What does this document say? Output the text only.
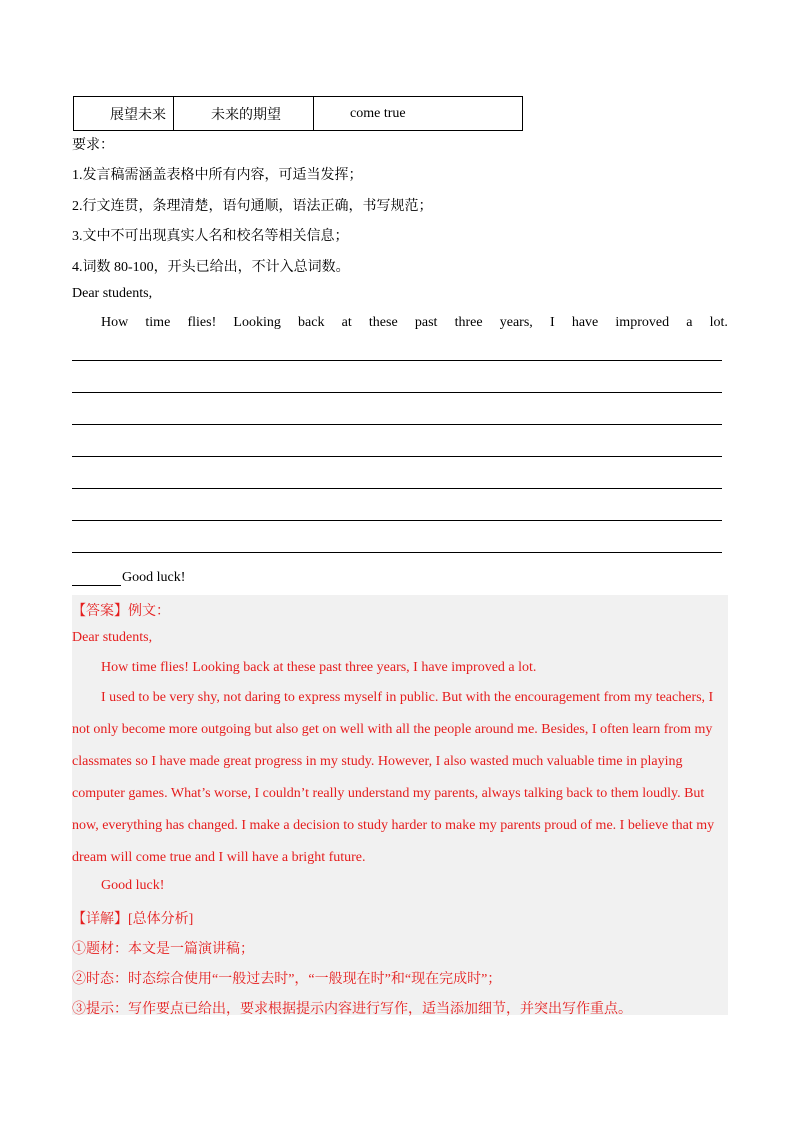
展望未来	未来的期望	come true
要求：
1.发言稿需涵盖表格中所有内容，可适当发挥；
2.行文连贯，条理清楚，语句通顺，语法正确，书写规范；
3.文中不可出现真实人名和校名等相关信息；
4.词数 80-100，开头已给出，不计入总词数。
Dear students,
How time flies! Looking back at these past three years, I have improved a lot.
Good luck!
【答案】例文：
Dear students,
How time flies! Looking back at these past three years, I have improved a lot.
I used to be very shy, not daring to express myself in public. But with the encouragement from my teachers, I not only become more outgoing but also get on well with all the people around me. Besides, I often learn from my classmates so I have made great progress in my study. However, I also wasted much valuable time in playing computer games. What’s worse, I couldn’t really understand my parents, always talking back to them loudly. But now, everything has changed. I make a decision to study harder to make my parents proud of me. I believe that my dream will come true and I will have a bright future.
Good luck!
【详解】[总体分析]
①题材：本文是一篇演讲稿；
②时态：时态综合使用“一般过去时”，“一般现在时”和“现在完成时”；
③提示：写作要点已给出，要求根据提示内容进行写作，适当添加细节，并突出写作重点。
